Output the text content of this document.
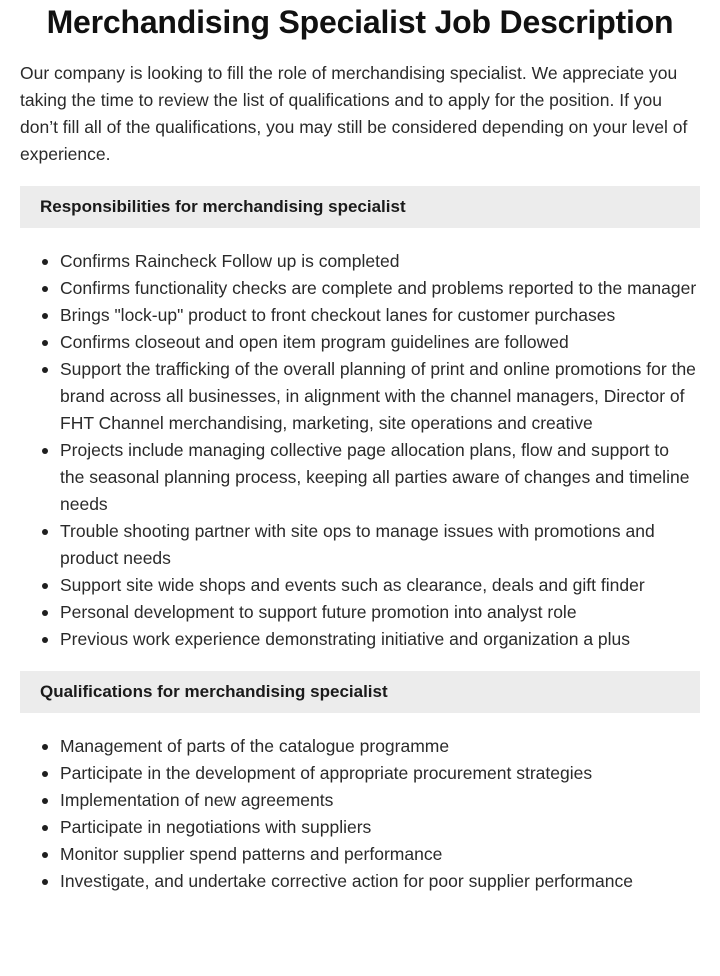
Merchandising Specialist Job Description

Our company is looking to fill the role of merchandising specialist. We appreciate you taking the time to review the list of qualifications and to apply for the position. If you don’t fill all of the qualifications, you may still be considered depending on your level of experience.

Responsibilities for merchandising specialist
Confirms Raincheck Follow up is completed
Confirms functionality checks are complete and problems reported to the manager
Brings "lock-up" product to front checkout lanes for customer purchases
Confirms closeout and open item program guidelines are followed
Support the trafficking of the overall planning of print and online promotions for the brand across all businesses, in alignment with the channel managers, Director of FHT Channel merchandising, marketing, site operations and creative
Projects include managing collective page allocation plans, flow and support to the seasonal planning process, keeping all parties aware of changes and timeline needs
Trouble shooting partner with site ops to manage issues with promotions and product needs
Support site wide shops and events such as clearance, deals and gift finder
Personal development to support future promotion into analyst role
Previous work experience demonstrating initiative and organization a plus
Qualifications for merchandising specialist
Management of parts of the catalogue programme
Participate in the development of appropriate procurement strategies
Implementation of new agreements
Participate in negotiations with suppliers
Monitor supplier spend patterns and performance
Investigate, and undertake corrective action for poor supplier performance
